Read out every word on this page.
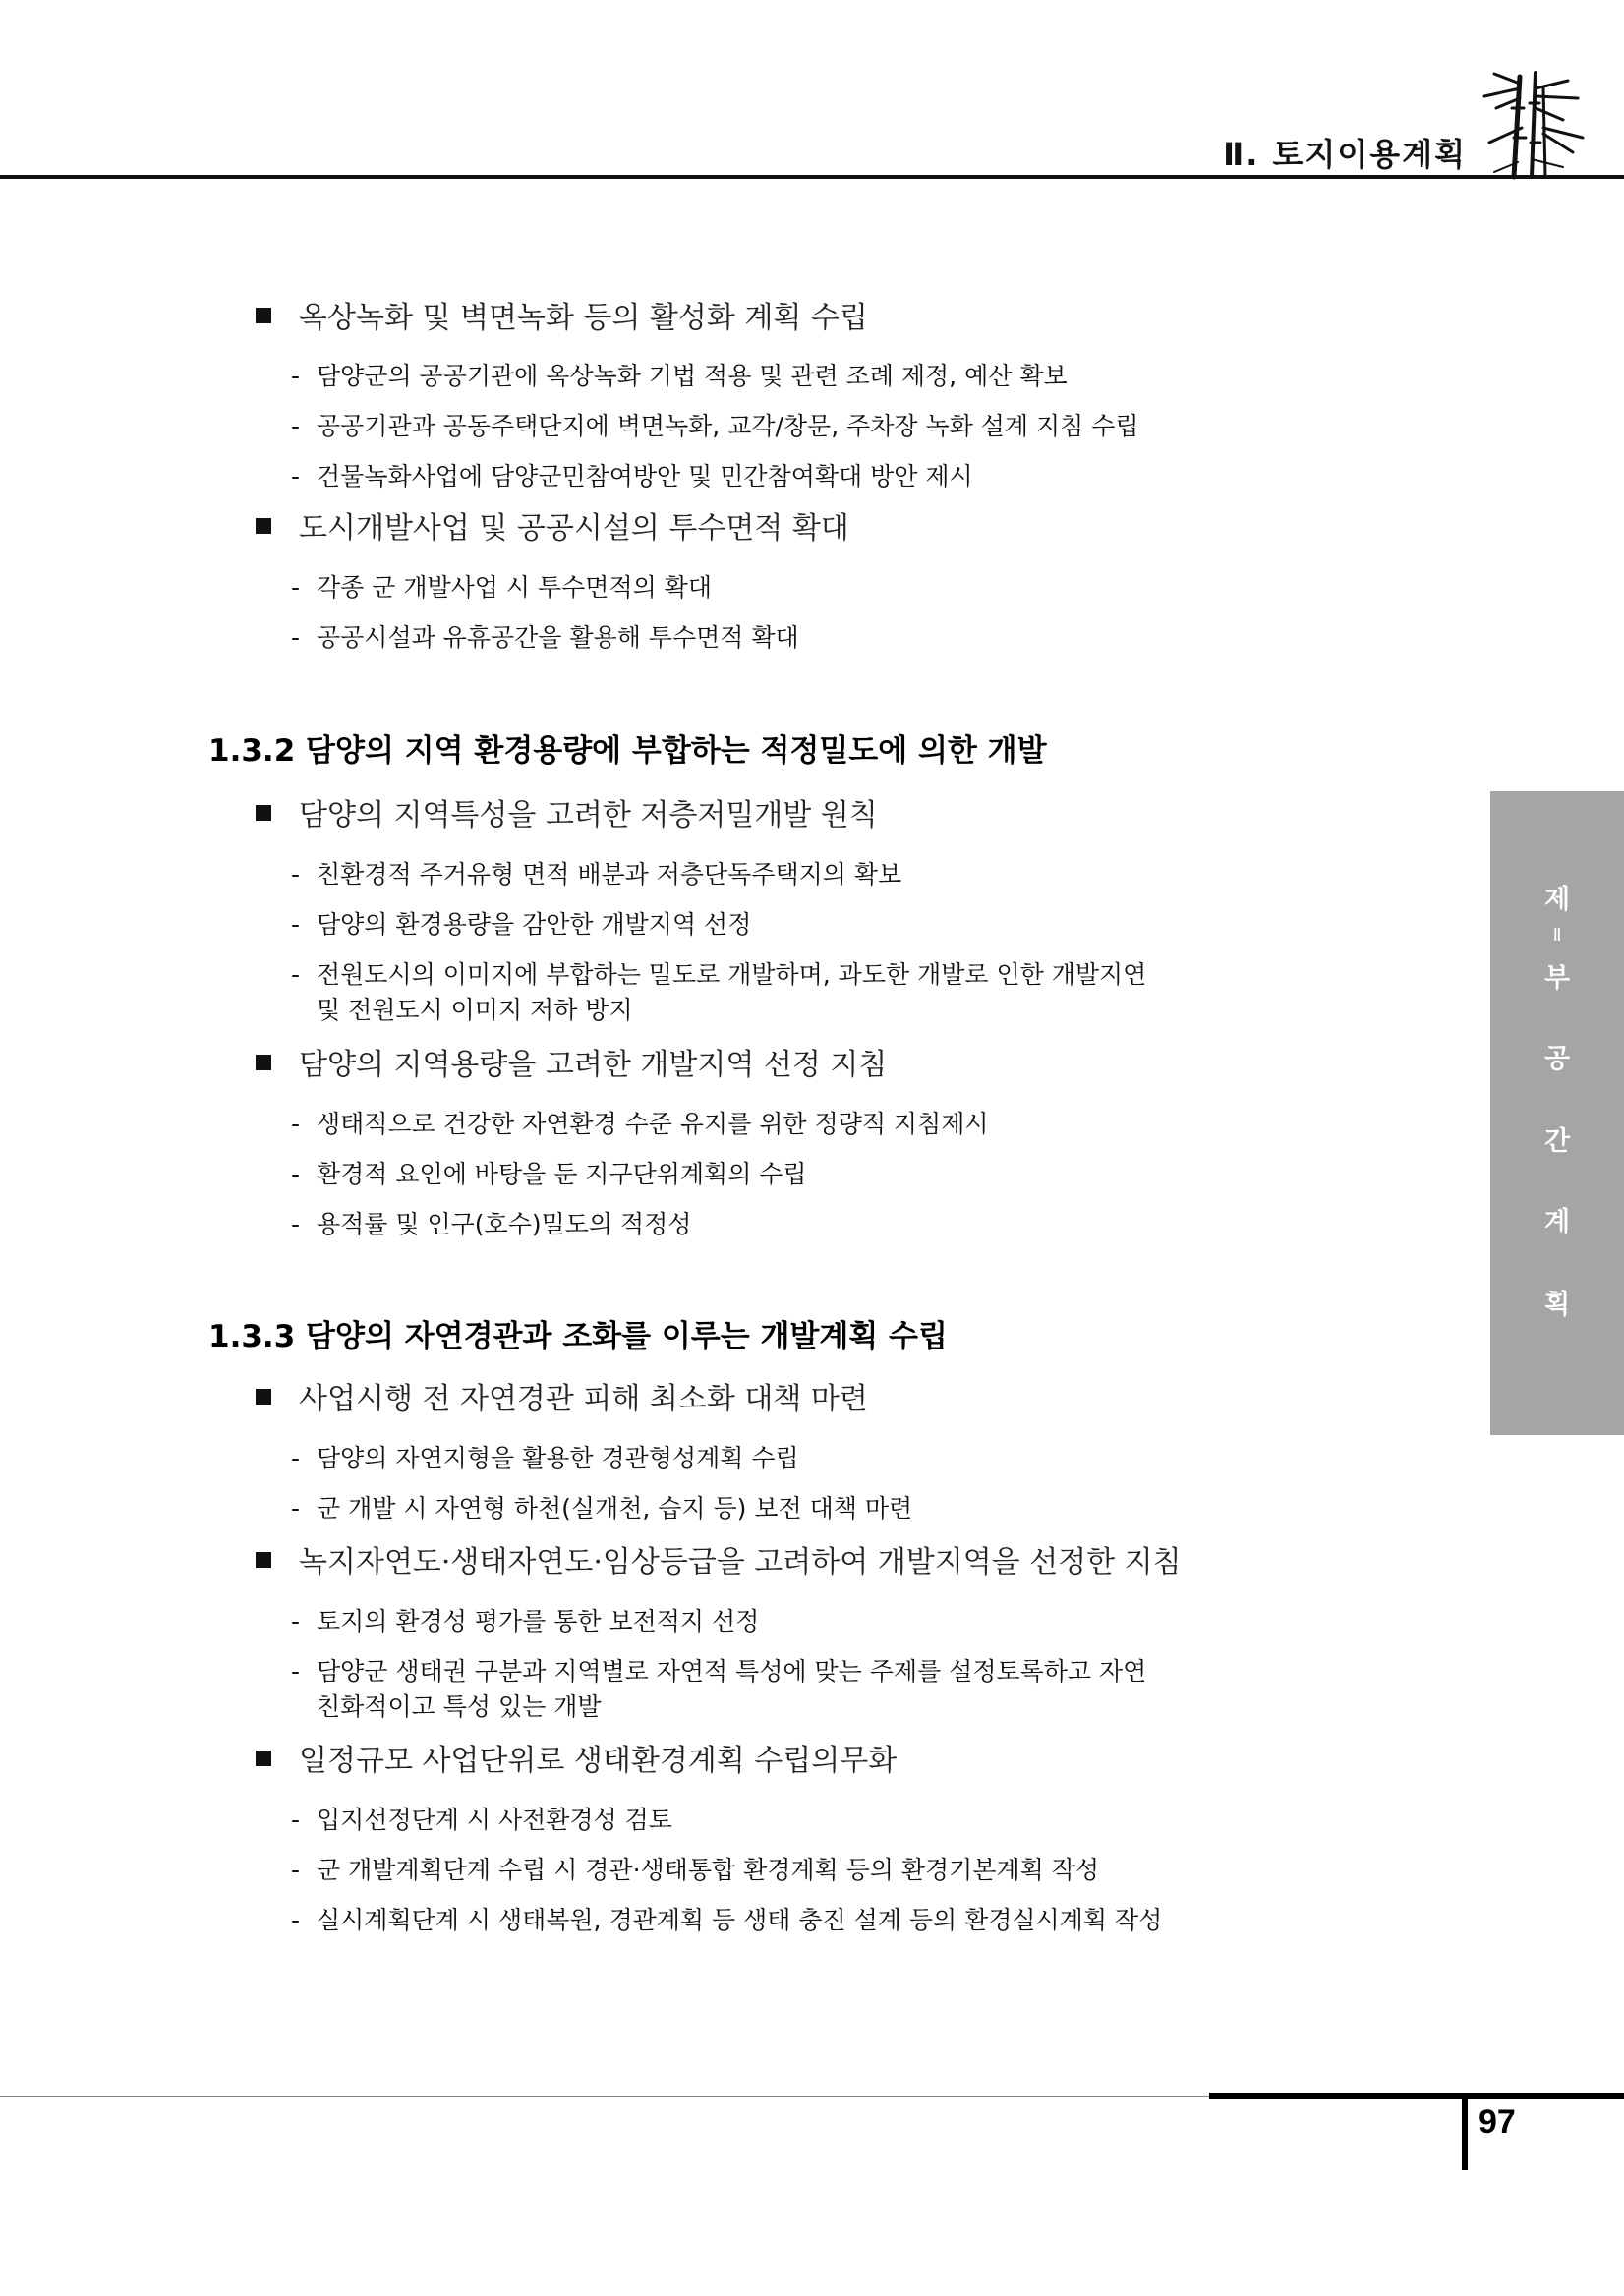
Ⅱ. 토지이용계획
옥상녹화 및 벽면녹화 등의 활성화 계획 수립
- 담양군의 공공기관에 옥상녹화 기법 적용 및 관련 조례 제정, 예산 확보
- 공공기관과 공동주택단지에 벽면녹화, 교각/창문, 주차장 녹화 설계 지침 수립
- 건물녹화사업에 담양군민참여방안 및 민간참여확대 방안 제시
도시개발사업 및 공공시설의 투수면적 확대
- 각종 군 개발사업 시 투수면적의 확대
- 공공시설과 유휴공간을 활용해 투수면적 확대
1.3.2 담양의 지역 환경용량에 부합하는 적정밀도에 의한 개발
담양의 지역특성을 고려한 저층저밀개발 원칙
- 친환경적 주거유형 면적 배분과 저층단독주택지의 확보
- 담양의 환경용량을 감안한 개발지역 선정
- 전원도시의 이미지에 부합하는 밀도로 개발하며, 과도한 개발로 인한 개발지연
및 전원도시 이미지 저하 방지
담양의 지역용량을 고려한 개발지역 선정 지침
- 생태적으로 건강한 자연환경 수준 유지를 위한 정량적 지침제시
- 환경적 요인에 바탕을 둔 지구단위계획의 수립
- 용적률 및 인구(호수)밀도의 적정성
1.3.3 담양의 자연경관과 조화를 이루는 개발계획 수립
사업시행 전 자연경관 피해 최소화 대책 마련
- 담양의 자연지형을 활용한 경관형성계획 수립
- 군 개발 시 자연형 하천(실개천, 습지 등) 보전 대책 마련
녹지자연도·생태자연도·임상등급을 고려하여 개발지역을 선정한 지침
- 토지의 환경성 평가를 통한 보전적지 선정
- 담양군 생태권 구분과 지역별로 자연적 특성에 맞는 주제를 설정토록하고 자연
친화적이고 특성 있는 개발
일정규모 사업단위로 생태환경계획 수립의무화
- 입지선정단계 시 사전환경성 검토
- 군 개발계획단계 수립 시 경관·생태통합 환경계획 등의 환경기본계획 작성
- 실시계획단계 시 생태복원, 경관계획 등 생태 충진 설계 등의 환경실시계획 작성
제
Ⅱ
부
공
간
계
획
97
